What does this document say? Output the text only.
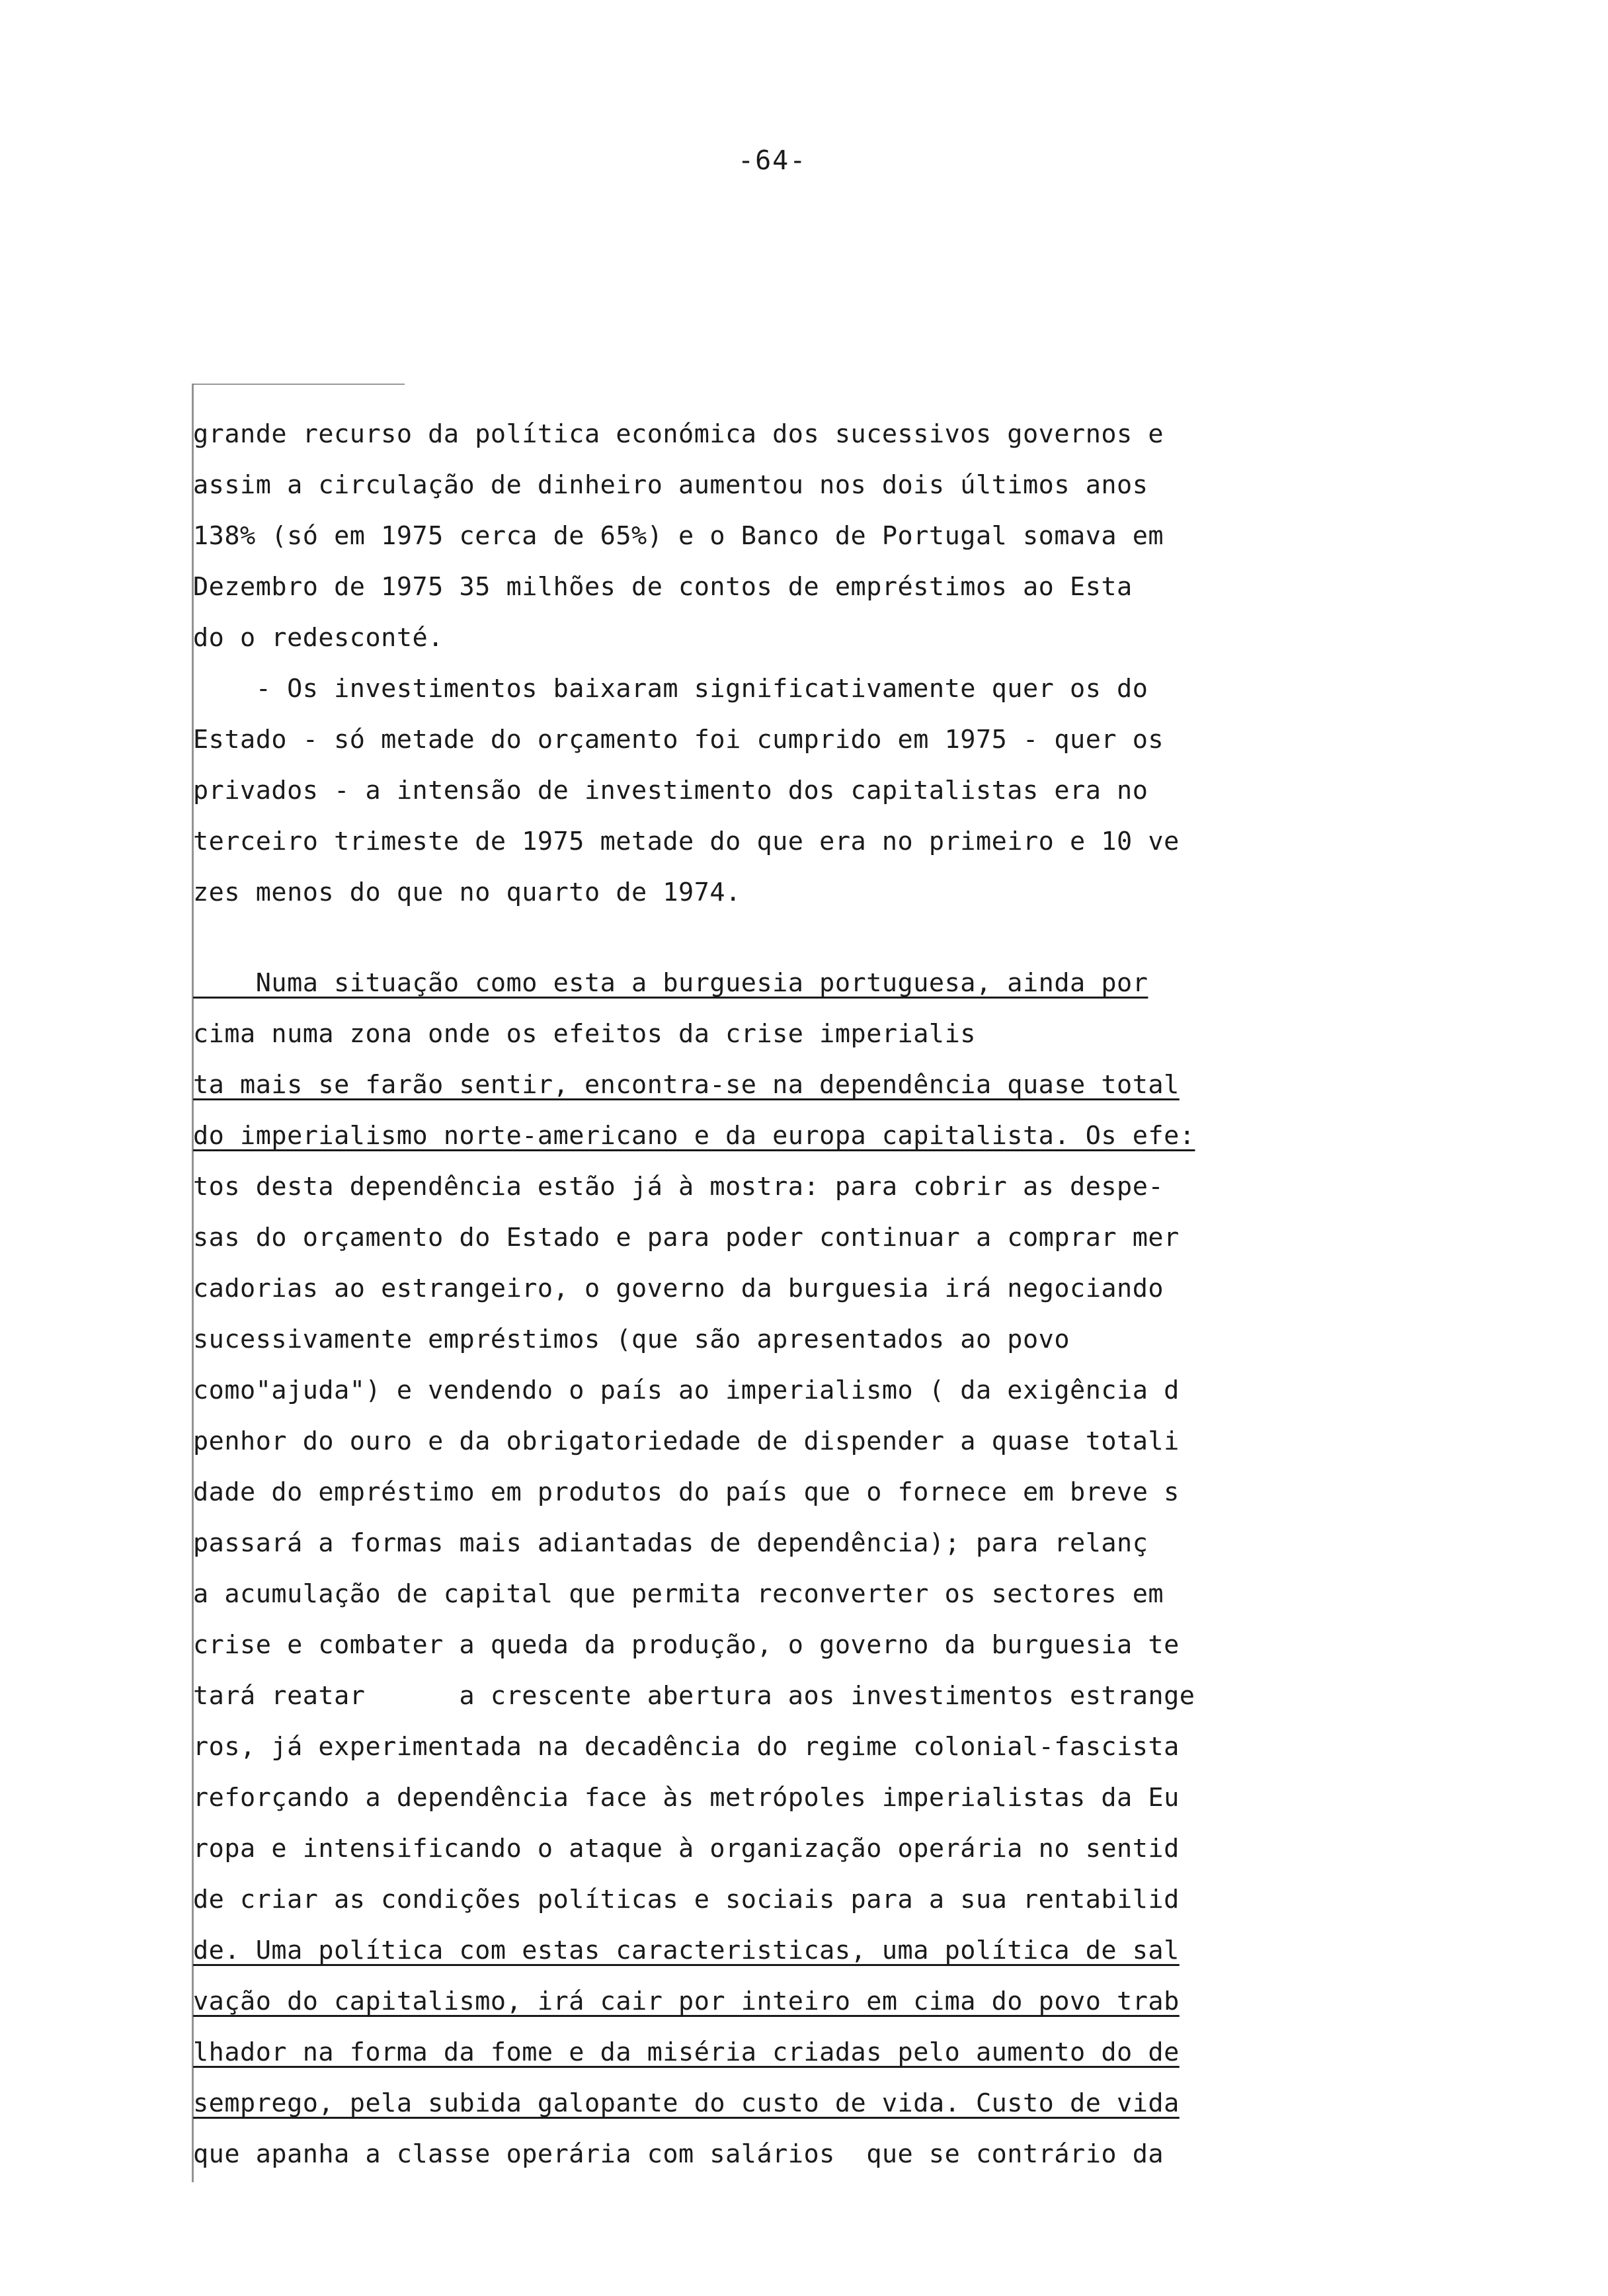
-64-
grande recurso da política económica dos sucessivos governos e
assim a circulação de dinheiro aumentou nos dois últimos anos
138% (só em 1975 cerca de 65%) e o Banco de Portugal somava em
Dezembro de 1975 35 milhões de contos de empréstimos ao Esta
do o redesconté.
- Os investimentos baixaram significativamente quer os do
Estado - só metade do orçamento foi cumprido em 1975 - quer os
privados - a intensão de investimento dos capitalistas era no
terceiro trimeste de 1975 metade do que era no primeiro e 10 ve
zes menos do que no quarto de 1974.
Numa situação como esta a burguesia portuguesa, ainda por
cima numa zona onde os efeitos da crise imperialis
ta mais se farão sentir, encontra-se na dependência quase total
do imperialismo norte-americano e da europa capitalista. Os efe:
tos desta dependência estão já à mostra: para cobrir as despe-
sas do orçamento do Estado e para poder continuar a comprar mer
cadorias ao estrangeiro, o governo da burguesia irá negociando
sucessivamente empréstimos (que são apresentados ao povo
como"ajuda") e vendendo o país ao imperialismo ( da exigência d
penhor do ouro e da obrigatoriedade de dispender a quase totali
dade do empréstimo em produtos do país que o fornece em breve s
passará a formas mais adiantadas de dependência); para relanç
a acumulação de capital que permita reconverter os sectores em
crise e combater a queda da produção, o governo da burguesia te
tará reatar      a crescente abertura aos investimentos estrange
ros, já experimentada na decadência do regime colonial-fascista
reforçando a dependência face às metrópoles imperialistas da Eu
ropa e intensificando o ataque à organização operária no sentid
de criar as condições políticas e sociais para a sua rentabilid
de. Uma política com estas caracteristicas, uma política de sal
vação do capitalismo, irá cair por inteiro em cima do povo trab
lhador na forma da fome e da miséria criadas pelo aumento do de
semprego, pela subida galopante do custo de vida. Custo de vida
que apanha a classe operária com salários  que se contrário da
